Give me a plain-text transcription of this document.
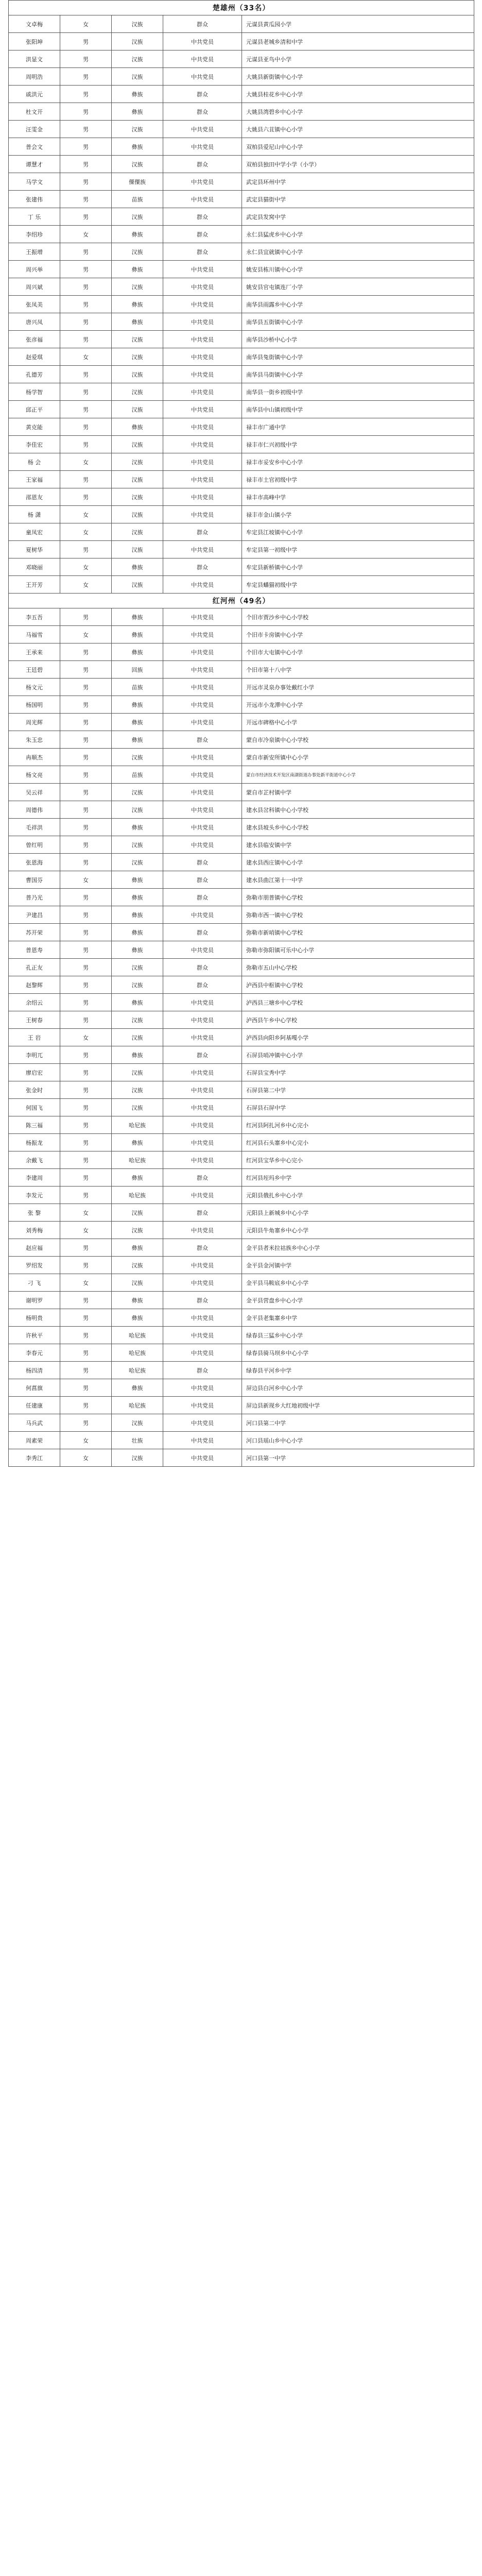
楚雄州（33名）				
文卓梅	女	汉族	群众	元谋县黄瓜园小学
张阳坤	男	汉族	中共党员	元谋县老城乡清和中学
洪显文	男	汉族	中共党员	元谋县亚鸟中小学
周明浩	男	汉族	中共党员	大姚县新街镇中心小学
戚洪元	男	彝族	群众	大姚县桂花乡中心小学
杜文开	男	彝族	群众	大姚县湾碧乡中心小学
汪雯金	男	汉族	中共党员	大姚县六苴镇中心小学
普会文	男	彝族	中共党员	双柏县爱尼山中心小学
谭慧才	男	汉族	群众	双柏县独田中学小学（小学）
马学文	男	傈僳族	中共党员	武定县环州中学
张建伟	男	苗族	中共党员	武定县猫街中学
丁 乐	男	汉族	群众	武定县发窝中学
李绍珍	女	彝族	群众	永仁县猛虎乡中心小学
王振增	男	汉族	群众	永仁县宜就镇中心小学
周兴举	男	彝族	中共党员	姚安县栋川镇中心小学
周兴斌	男	汉族	中共党员	姚安县官屯镇连厂小学
张凤美	男	彝族	中共党员	南华县雨露乡中心小学
唐兴凤	男	彝族	中共党员	南华县五街镇中心小学
张彦福	男	汉族	中共党员	南华县沙桥中心小学
赵爱琪	女	汉族	中共党员	南华县兔街镇中心小学
孔德芳	男	汉族	中共党员	南华县马街镇中心小学
杨学智	男	汉族	中共党员	南华县一街乡初级中学
邱正平	男	汉族	中共党员	南华县中山镇初级中学
黄克能	男	彝族	中共党员	禄丰市广通中学
李佳宏	男	汉族	中共党员	禄丰市仁兴初级中学
杨 会	女	汉族	中共党员	禄丰市妥安乡中心小学
王家福	男	汉族	中共党员	禄丰市土官初级中学
邵恩友	男	汉族	中共党员	禄丰市高峰中学
杨 潇	女	汉族	中共党员	禄丰市金山镇小学
童凤宏	女	汉族	群众	牟定县江坡镇中心小学
夏树华	男	汉族	中共党员	牟定县第一初级中学
邓晓丽	女	彝族	群众	牟定县新桥镇中心小学
王开芳	女	汉族	中共党员	牟定县蟠猫初级中学
红河州（49名）				
李五吾	男	彝族	中共党员	个旧市贾沙乡中心小学校
马福雪	女	彝族	中共党员	个旧市卡房镇中心小学
王承来	男	彝族	中共党员	个旧市大屯镇中心小学
王廷碧	男	回族	中共党员	个旧市第十八中学
杨文元	男	苗族	中共党员	开远市灵泉办事处戴红小学
杨国明	男	彝族	中共党员	开远市小龙潭中心小学
周光辉	男	彝族	中共党员	开远市碑格中心小学
朱玉忠	男	彝族	群众	蒙自市冷泉镇中心小学校
冉顺杰	男	汉族	中共党员	蒙自市新安所镇中心小学
杨文亮	男	苗族	中共党员	蒙自市经济技术开发区南湖街道办事处新平街道中心小学
吴云祥	男	汉族	中共党员	蒙自市芷村镇中学
周德伟	男	汉族	中共党员	建水县岔科镇中心小学校
毛祥洪	男	彝族	中共党员	建水县坡头乡中心小学校
曾红明	男	汉族	中共党员	建水县临安镇中学
张恩海	男	汉族	群众	建水县西庄镇中心小学
曹国芬	女	彝族	群众	建水县曲江第十一中学
普乃光	男	彝族	群众	弥勒市朋普镇中心学校
尹建昌	男	彝族	中共党员	弥勒市西一镇中心学校
苏开荣	男	彝族	群众	弥勒市新哨镇中心学校
普恩寿	男	彝族	中共党员	弥勒市弥阳镇可乐中心小学
孔正友	男	汉族	群众	弥勒市五山中心学校
赵黎辉	男	汉族	群众	泸西县中枢镇中心学校
余绍云	男	彝族	中共党员	泸西县三塘乡中心学校
王树春	男	汉族	中共党员	泸西县午乡中心学校
王 岩	女	汉族	中共党员	泸西县向阳乡阿基嘎小学
李明兀	男	彝族	群众	石屏县哨冲镇中心小学
廖启宏	男	汉族	中共党员	石屏县宝秀中学
张金时	男	汉族	中共党员	石屏县第二中学
何国飞	男	汉族	中共党员	石屏县石屏中学
陈三福	男	哈尼族	中共党员	红河县阿扎河乡中心完小
杨振龙	男	彝族	中共党员	红河县石头寨乡中心完小
余戴飞	男	哈尼族	中共党员	红河县宝华乡中心完小
李建周	男	彝族	群众	红河县垤玛乡中学
李发元	男	哈尼族	中共党员	元阳县俄扎乡中心小学
张 黎	女	汉族	群众	元阳县上新城乡中心小学
刘秀梅	女	汉族	中共党员	元阳县牛角寨乡中心小学
赵应福	男	彝族	群众	金平县者米拉祜族乡中心小学
罗绍发	男	汉族	中共党员	金平县金河镇中学
刁 飞	女	汉族	中共党员	金平县马鞍底乡中心小学
谢明罗	男	彝族	群众	金平县营盘乡中心小学
杨明贵	男	彝族	中共党员	金平县老集寨乡中学
许秋平	男	哈尼族	中共党员	绿春县三猛乡中心小学
李春元	男	哈尼族	中共党员	绿春县骑马坝乡中心小学
杨四清	男	哈尼族	群众	绿春县平河乡中学
何菖旗	男	彝族	中共党员	屏边县白河乡中心小学
任建康	男	哈尼族	中共党员	屏边县新现乡大红地初级中学
马兵武	男	汉族	中共党员	河口县第二中学
周素荣	女	壮族	中共党员	河口县瑶山乡中心小学
李秀江	女	汉族	中共党员	河口县第一中学
